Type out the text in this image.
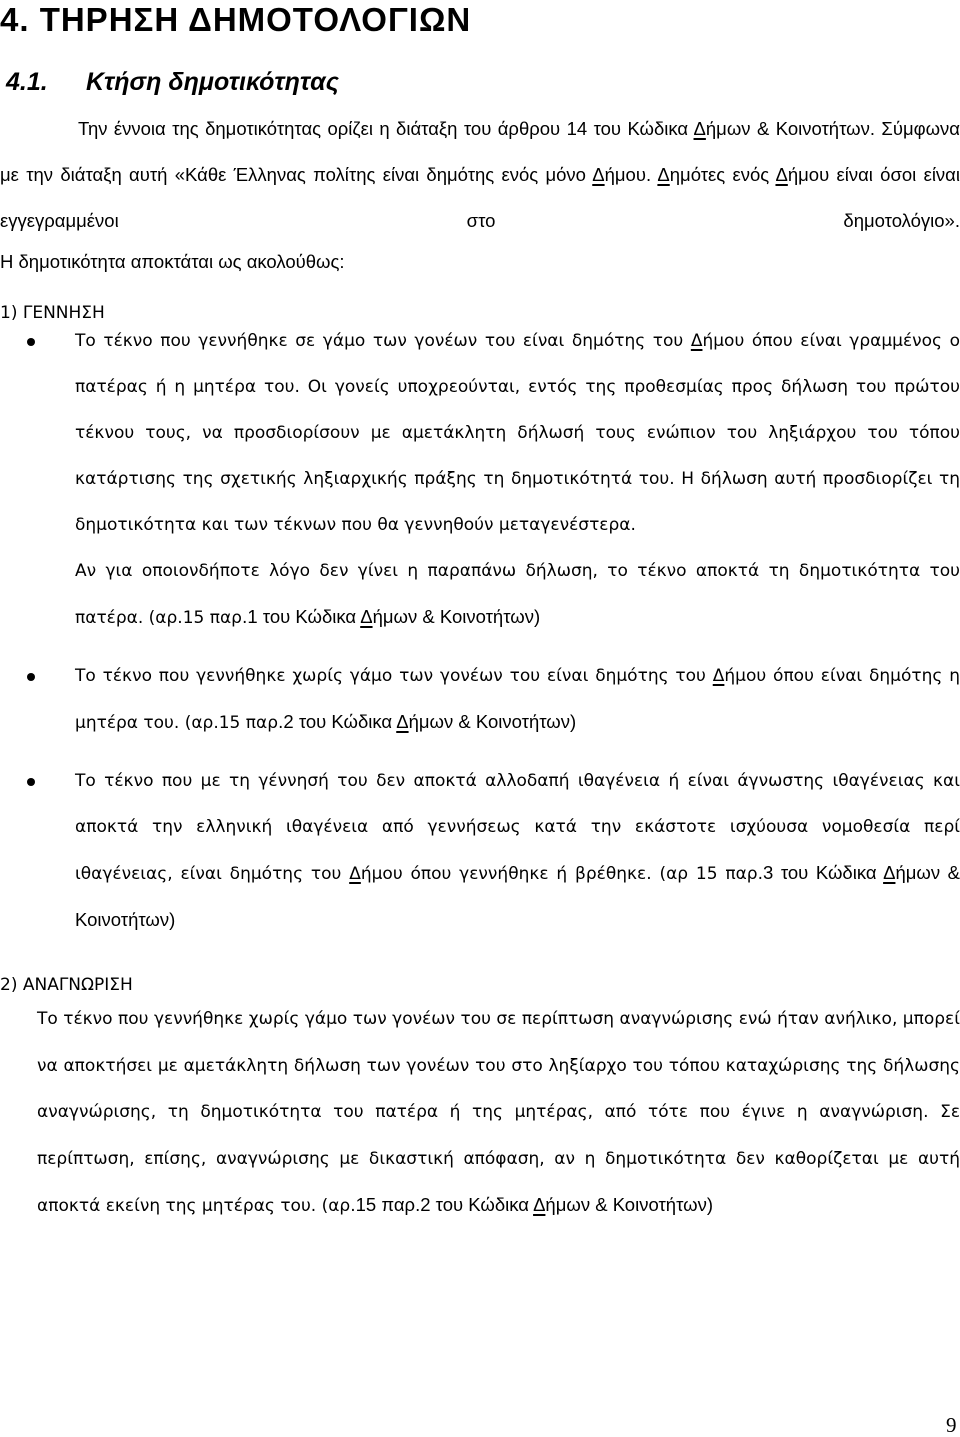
4. ΤΗΡΗΣΗ ΔΗΜΟΤΟΛΟΓΙΩΝ
4.1. Κτήση δημοτικότητας

Την έννοια της δημοτικότητας ορίζει η διάταξη του άρθρου 14 του Κώδικα Δήμων & Κοινοτήτων. Σύμφωνα με την διάταξη αυτή «Κάθε Έλληνας πολίτης είναι δημότης ενός μόνο Δήμου. Δημότες ενός Δήμου είναι όσοι είναι εγγεγραμμένοι στο δημοτολόγιο».

Η δημοτικότητα αποκτάται ως ακολούθως:
1) ΓΕΝΝΗΣΗ
Το τέκνο που γεννήθηκε σε γάμο των γονέων του είναι δημότης του Δήμου όπου είναι γραμμένος ο πατέρας ή η μητέρα του. Οι γονείς υποχρεούνται, εντός της προθεσμίας προς δήλωση του πρώτου τέκνου τους, να προσδιορίσουν με αμετάκλητη δήλωσή τους ενώπιον του ληξιάρχου του τόπου κατάρτισης της σχετικής ληξιαρχικής πράξης τη δημοτικότητά του. Η δήλωση αυτή προσδιορίζει τη δημοτικότητα και των τέκνων που θα γεννηθούν μεταγενέστερα.
Αν για οποιονδήποτε λόγο δεν γίνει η παραπάνω δήλωση, το τέκνο αποκτά τη δημοτικότητα του πατέρα. (αρ.15 παρ.1 του Κώδικα Δήμων & Κοινοτήτων)
Το τέκνο που γεννήθηκε χωρίς γάμο των γονέων του είναι δημότης του Δήμου όπου είναι δημότης η μητέρα του. (αρ.15 παρ.2 του Κώδικα Δήμων & Κοινοτήτων)
Το τέκνο που με τη γέννησή του δεν αποκτά αλλοδαπή ιθαγένεια ή είναι άγνωστης ιθαγένειας και αποκτά την ελληνική ιθαγένεια από γεννήσεως κατά την εκάστοτε ισχύουσα νομοθεσία περί ιθαγένειας, είναι δημότης του Δήμου όπου γεννήθηκε ή βρέθηκε. (αρ 15 παρ.3 του Κώδικα Δήμων & Κοινοτήτων)
2) ΑΝΑΓΝΩΡΙΣΗ
Το τέκνο που γεννήθηκε χωρίς γάμο των γονέων του σε περίπτωση αναγνώρισης ενώ ήταν ανήλικο, μπορεί να αποκτήσει με αμετάκλητη δήλωση των γονέων του στο ληξίαρχο του τόπου καταχώρισης της δήλωσης αναγνώρισης, τη δημοτικότητα του πατέρα ή της μητέρας, από τότε που έγινε η αναγνώριση. Σε περίπτωση, επίσης, αναγνώρισης με δικαστική απόφαση, αν η δημοτικότητα δεν καθορίζεται με αυτή αποκτά εκείνη της μητέρας του. (αρ.15 παρ.2 του Κώδικα Δήμων & Κοινοτήτων)
9
